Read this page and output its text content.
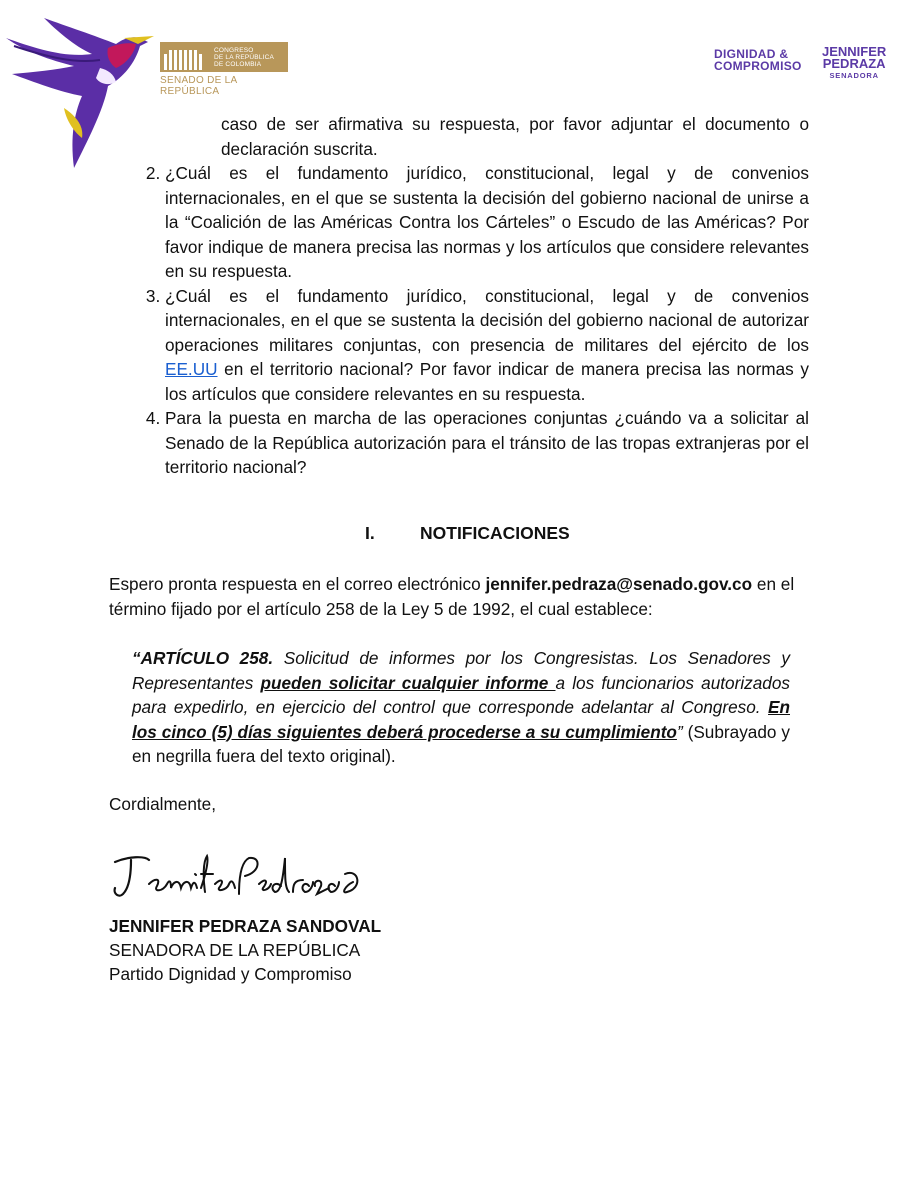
CONGRESO
DE LA REPÚBLICA
DE COLOMBIA
SENADO DE LA REPÚBLICA
DIGNIDAD &
COMPROMISO
JENNIFER
PEDRAZA
SENADORA
caso de ser afirmativa su respuesta, por favor adjuntar el documento o declaración suscrita.
2. ¿Cuál es el fundamento jurídico, constitucional, legal y de convenios internacionales, en el que se sustenta la decisión del gobierno nacional de unirse a la “Coalición de las Américas Contra los Cárteles” o Escudo de las Américas? Por favor indique de manera precisa las normas y los artículos que considere relevantes en su respuesta.
3. ¿Cuál es el fundamento jurídico, constitucional, legal y de convenios internacionales, en el que se sustenta la decisión del gobierno nacional de autorizar operaciones militares conjuntas, con presencia de militares del ejército de los EE.UU en el territorio nacional? Por favor indicar de manera precisa las normas y los artículos que considere relevantes en su respuesta.
4. Para la puesta en marcha de las operaciones conjuntas ¿cuándo va a solicitar al Senado de la República autorización para el tránsito de las tropas extranjeras por el territorio nacional?
I.	NOTIFICACIONES
Espero pronta respuesta en el correo electrónico jennifer.pedraza@senado.gov.co en el término fijado por el artículo 258 de la Ley 5 de 1992, el cual establece:
“ARTÍCULO 258. Solicitud de informes por los Congresistas. Los Senadores y Representantes pueden solicitar cualquier informe a los funcionarios autorizados para expedirlo, en ejercicio del control que corresponde adelantar al Congreso. En los cinco (5) días siguientes deberá procederse a su cumplimiento” (Subrayado y en negrilla fuera del texto original).
Cordialmente,
JENNIFER PEDRAZA SANDOVAL
SENADORA DE LA REPÚBLICA
Partido Dignidad y Compromiso
